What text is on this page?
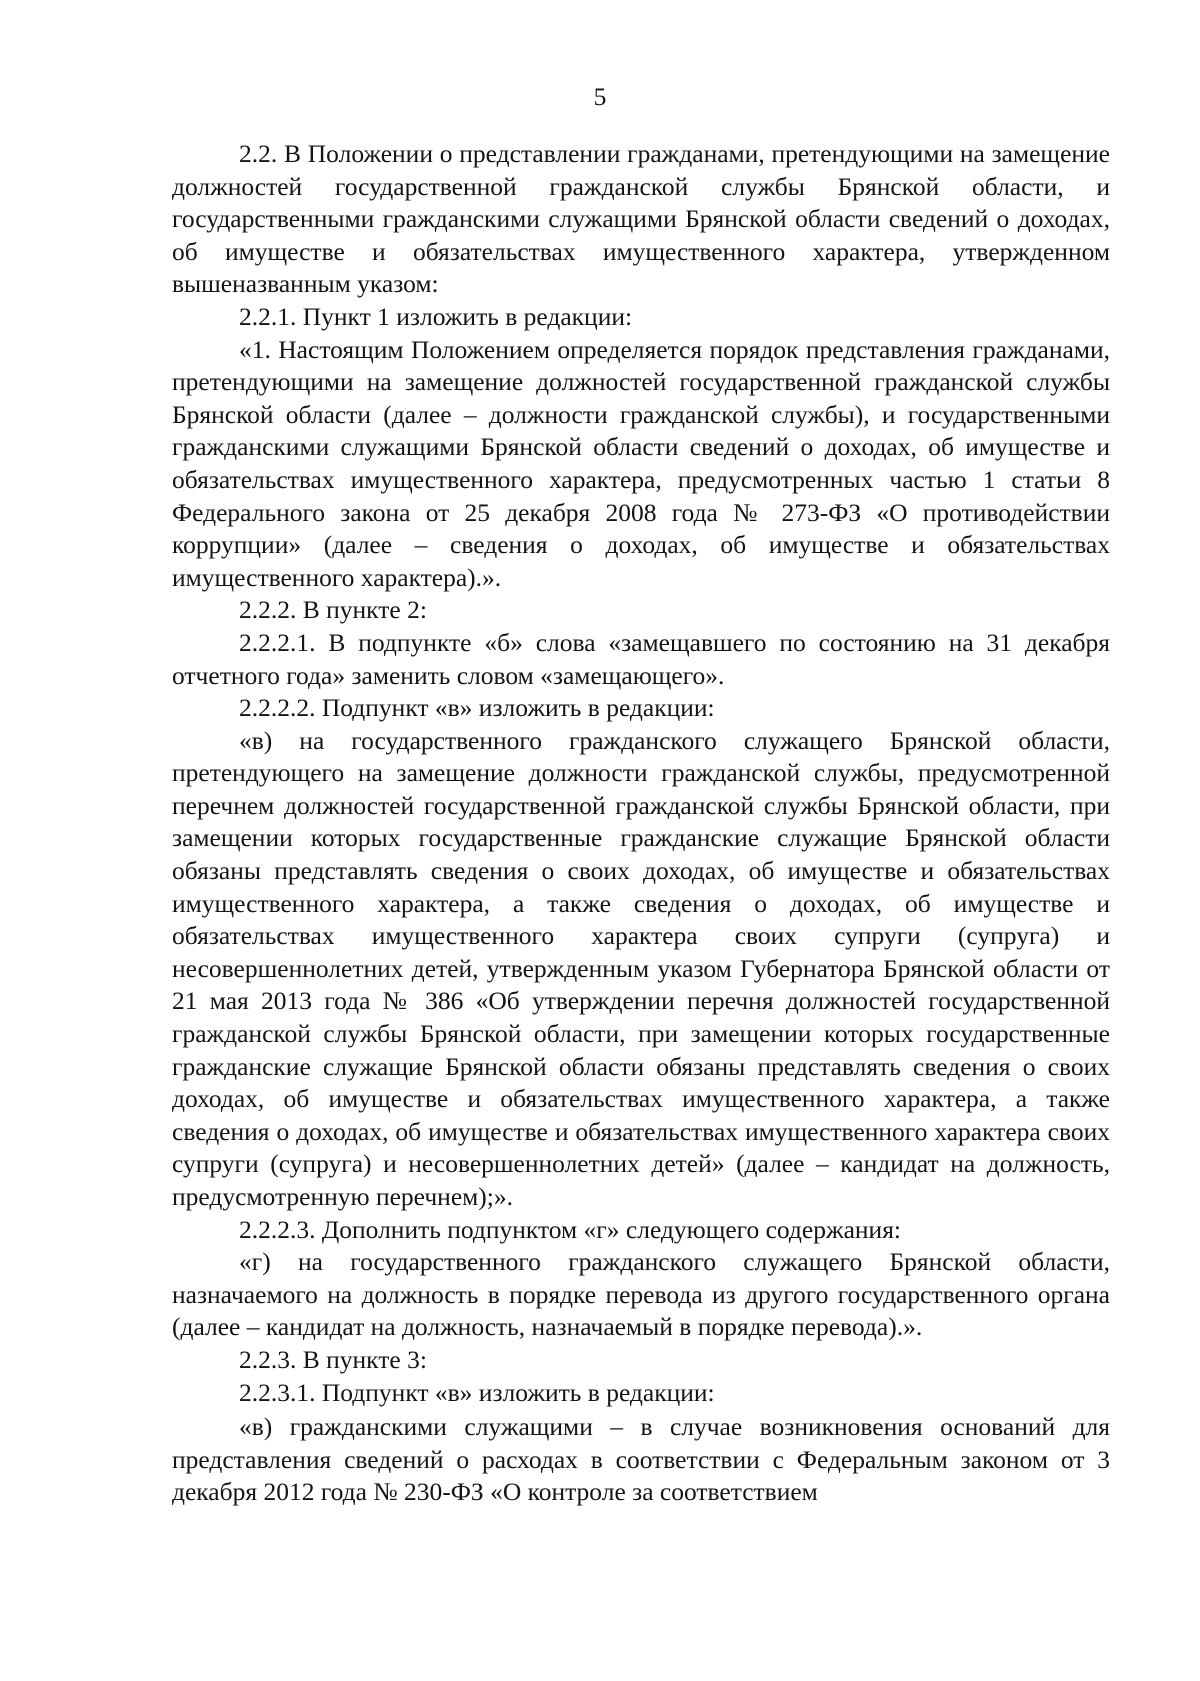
5

2.2. В Положении о представлении гражданами, претендующими на замещение должностей государственной гражданской службы Брянской области, и государственными гражданскими служащими Брянской области сведений о доходах, об имуществе и обязательствах имущественного характера, утвержденном вышеназванным указом:

2.2.1. Пункт 1 изложить в редакции:

«1. Настоящим Положением определяется порядок представления гражданами, претендующими на замещение должностей государственной гражданской службы Брянской области (далее – должности гражданской службы), и государственными гражданскими служащими Брянской области сведений о доходах, об имуществе и обязательствах имущественного характера, предусмотренных частью 1 статьи 8 Федерального закона от 25 декабря 2008 года № 273-ФЗ «О противодействии коррупции» (далее – сведения о доходах, об имуществе и обязательствах имущественного характера).».

2.2.2. В пункте 2:

2.2.2.1. В подпункте «б» слова «замещавшего по состоянию на 31 декабря отчетного года» заменить словом «замещающего».

2.2.2.2. Подпункт «в» изложить в редакции:

«в) на государственного гражданского служащего Брянской области, претендующего на замещение должности гражданской службы, предусмотренной перечнем должностей государственной гражданской службы Брянской области, при замещении которых государственные гражданские служащие Брянской области обязаны представлять сведения о своих доходах, об имуществе и обязательствах имущественного характера, а также сведения о доходах, об имуществе и обязательствах имущественного характера своих супруги (супруга) и несовершеннолетних детей, утвержденным указом Губернатора Брянской области от 21 мая 2013 года № 386 «Об утверждении перечня должностей государственной гражданской службы Брянской области, при замещении которых государственные гражданские служащие Брянской области обязаны представлять сведения о своих доходах, об имуществе и обязательствах имущественного характера, а также сведения о доходах, об имуществе и обязательствах имущественного характера своих супруги (супруга) и несовершеннолетних детей» (далее – кандидат на должность, предусмотренную перечнем);».

2.2.2.3. Дополнить подпунктом «г» следующего содержания:

«г) на государственного гражданского служащего Брянской области, назначаемого на должность в порядке перевода из другого государственного органа (далее – кандидат на должность, назначаемый в порядке перевода).».

2.2.3. В пункте 3:

2.2.3.1. Подпункт «в» изложить в редакции:

«в) гражданскими служащими – в случае возникновения оснований для представления сведений о расходах в соответствии с Федеральным законом от 3 декабря 2012 года № 230-ФЗ «О контроле за соответствием
